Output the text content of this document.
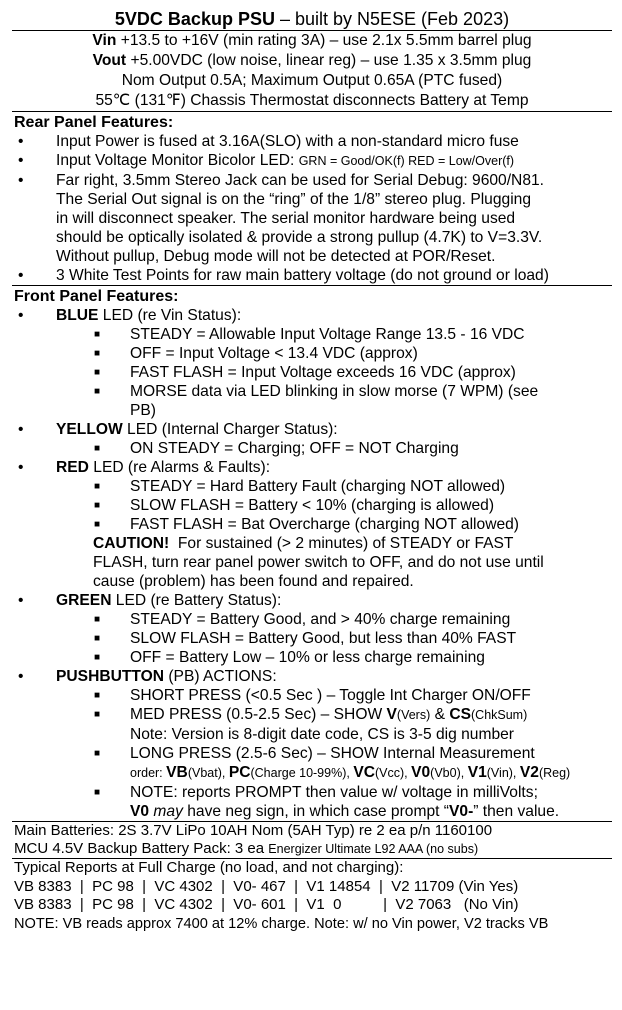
5VDC Backup PSU – built by N5ESE (Feb 2023)
Vin +13.5 to +16V (min rating 3A) – use 2.1x 5.5mm barrel plug
Vout +5.00VDC (low noise, linear reg) – use 1.35 x 3.5mm plug
Nom Output 0.5A; Maximum Output 0.65A (PTC fused)
55℃ (131℉) Chassis Thermostat disconnects Battery at Temp
Rear Panel Features:
• Input Power is fused at 3.16A(SLO) with a non-standard micro fuse
• Input Voltage Monitor Bicolor LED: GRN = Good/OK(f) RED = Low/Over(f)
• Far right, 3.5mm Stereo Jack can be used for Serial Debug: 9600/N81.
The Serial Out signal is on the “ring” of the 1/8” stereo plug. Plugging
in will disconnect speaker. The serial monitor hardware being used
should be optically isolated & provide a strong pullup (4.7K) to V=3.3V.
Without pullup, Debug mode will not be detected at POR/Reset.
• 3 White Test Points for raw main battery voltage (do not ground or load)
Front Panel Features:
• BLUE LED (re Vin Status):
■ STEADY = Allowable Input Voltage Range 13.5 - 16 VDC
■ OFF = Input Voltage < 13.4 VDC (approx)
■ FAST FLASH = Input Voltage exceeds 16 VDC (approx)
■ MORSE data via LED blinking in slow morse (7 WPM) (see
PB)
• YELLOW LED (Internal Charger Status):
■ ON STEADY = Charging; OFF = NOT Charging
• RED LED (re Alarms & Faults):
■ STEADY = Hard Battery Fault (charging NOT allowed)
■ SLOW FLASH = Battery < 10% (charging is allowed)
■ FAST FLASH = Bat Overcharge (charging NOT allowed)
CAUTION!  For sustained (> 2 minutes) of STEADY or FAST
FLASH, turn rear panel power switch to OFF, and do not use until
cause (problem) has been found and repaired.
• GREEN LED (re Battery Status):
■ STEADY = Battery Good, and > 40% charge remaining
■ SLOW FLASH = Battery Good, but less than 40% FAST
■ OFF = Battery Low – 10% or less charge remaining
• PUSHBUTTON (PB) ACTIONS:
■ SHORT PRESS (<0.5 Sec ) – Toggle Int Charger ON/OFF
■ MED PRESS (0.5-2.5 Sec) – SHOW V(Vers) & CS(ChkSum)
Note: Version is 8-digit date code, CS is 3-5 dig number
■ LONG PRESS (2.5-6 Sec) – SHOW Internal Measurement
order: VB(Vbat), PC(Charge 10-99%), VC(Vcc), V0(Vb0), V1(Vin), V2(Reg)
■ NOTE: reports PROMPT then value w/ voltage in milliVolts;
V0 may have neg sign, in which case prompt “V0-” then value.
Main Batteries: 2S 3.7V LiPo 10AH Nom (5AH Typ) re 2 ea p/n 1160100
MCU 4.5V Backup Battery Pack: 3 ea Energizer Ultimate L92 AAA (no subs)
Typical Reports at Full Charge (no load, and not charging):
VB 8383  |  PC 98  |  VC 4302  |  V0- 467  |  V1 14854  |  V2 11709 (Vin Yes)
VB 8383  |  PC 98  |  VC 4302  |  V0- 601  |  V1  0          |  V2 7063   (No Vin)
NOTE: VB reads approx 7400 at 12% charge. Note: w/ no Vin power, V2 tracks VB
